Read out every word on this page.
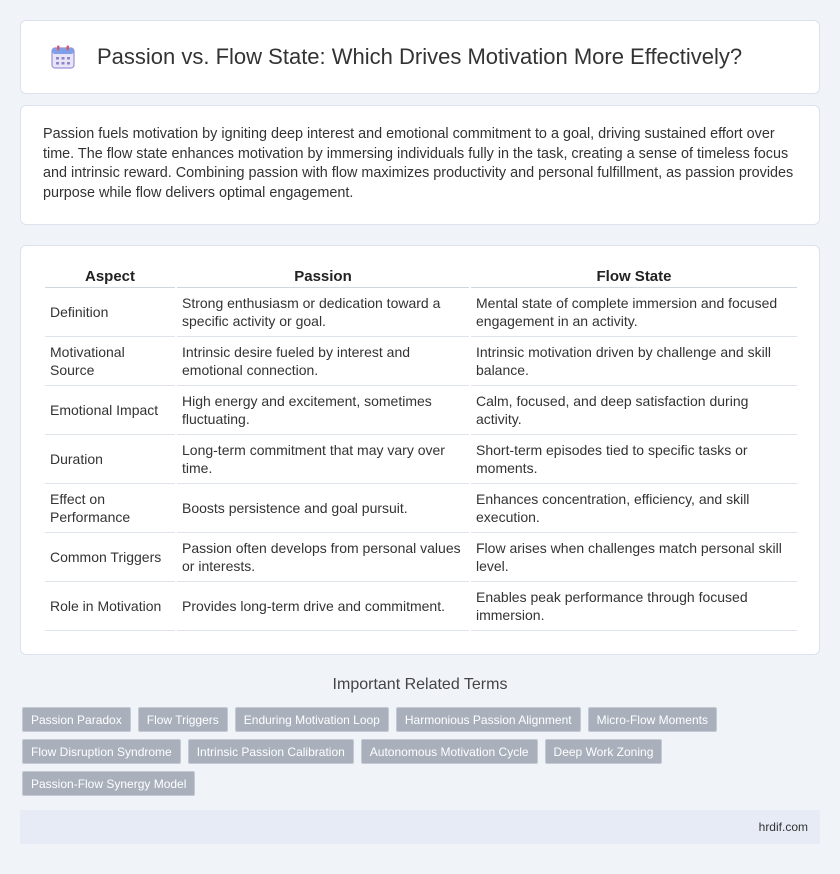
Passion vs. Flow State: Which Drives Motivation More Effectively?

Passion fuels motivation by igniting deep interest and emotional commitment to a goal, driving sustained effort over time. The flow state enhances motivation by immersing individuals fully in the task, creating a sense of timeless focus and intrinsic reward. Combining passion with flow maximizes productivity and personal fulfillment, as passion provides purpose while flow delivers optimal engagement.

Aspect	Passion	Flow State
Definition	Strong enthusiasm or dedication toward a specific activity or goal.	Mental state of complete immersion and focused engagement in an activity.
Motivational Source	Intrinsic desire fueled by interest and emotional connection.	Intrinsic motivation driven by challenge and skill balance.
Emotional Impact	High energy and excitement, sometimes fluctuating.	Calm, focused, and deep satisfaction during activity.
Duration	Long-term commitment that may vary over time.	Short-term episodes tied to specific tasks or moments.
Effect on Performance	Boosts persistence and goal pursuit.	Enhances concentration, efficiency, and skill execution.
Common Triggers	Passion often develops from personal values or interests.	Flow arises when challenges match personal skill level.
Role in Motivation	Provides long-term drive and commitment.	Enables peak performance through focused immersion.
Important Related Terms
Passion Paradox	Flow Triggers	Enduring Motivation Loop	Harmonious Passion Alignment	Micro-Flow Moments
Flow Disruption Syndrome	Intrinsic Passion Calibration	Autonomous Motivation Cycle	Deep Work Zoning
Passion-Flow Synergy Model
hrdif.com
